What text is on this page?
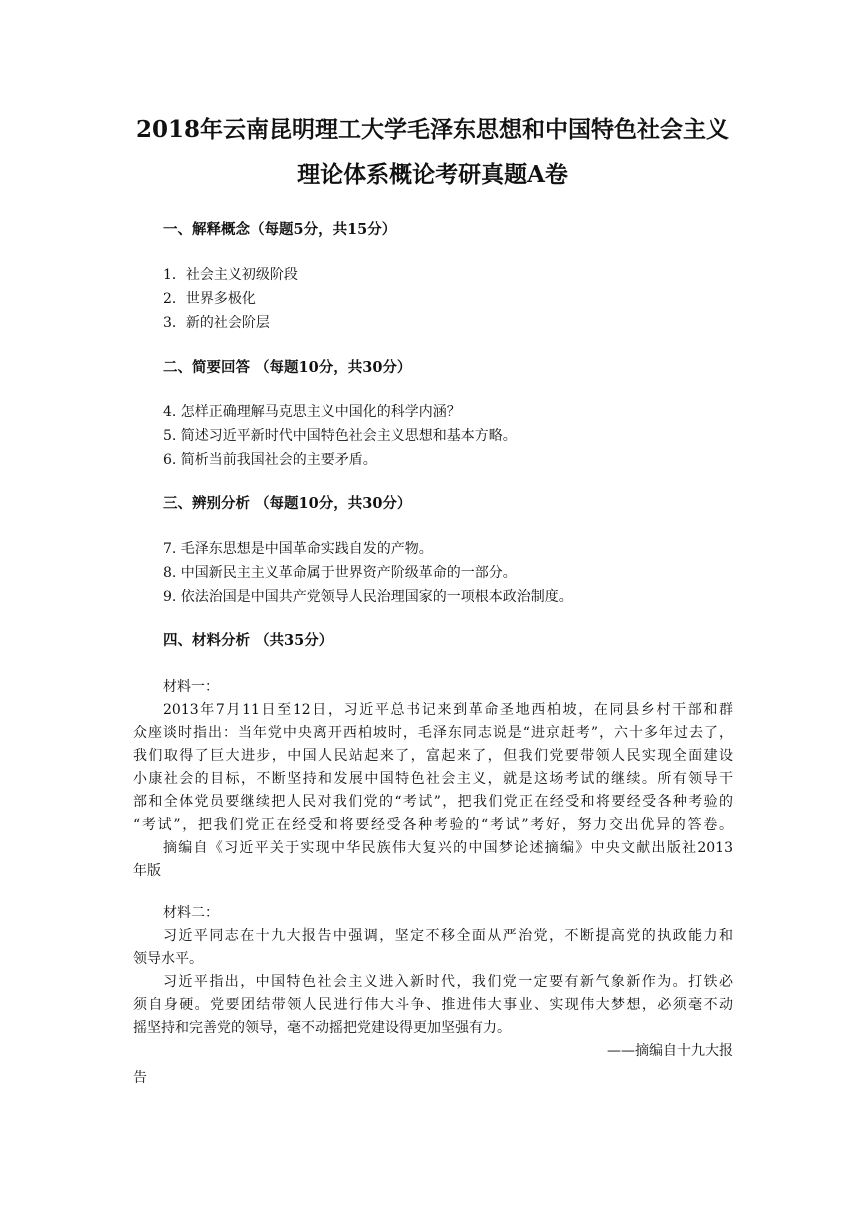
2018年云南昆明理工大学毛泽东思想和中国特色社会主义
理论体系概论考研真题A卷
一、解释概念（每题5分，共15分）
1．社会主义初级阶段
2．世界多极化
3．新的社会阶层
二、简要回答 （每题10分，共30分）
4. 怎样正确理解马克思主义中国化的科学内涵？
5. 简述习近平新时代中国特色社会主义思想和基本方略。
6. 简析当前我国社会的主要矛盾。
三、辨别分析 （每题10分，共30分）
7. 毛泽东思想是中国革命实践自发的产物。
8. 中国新民主主义革命属于世界资产阶级革命的一部分。
9. 依法治国是中国共产党领导人民治理国家的一项根本政治制度。
四、材料分析 （共35分）
材料一：
2013年7月11日至12日，习近平总书记来到革命圣地西柏坡，在同县乡村干部和群
众座谈时指出：当年党中央离开西柏坡时，毛泽东同志说是“进京赶考”，六十多年过去了，
我们取得了巨大进步，中国人民站起来了，富起来了，但我们党要带领人民实现全面建设
小康社会的目标，不断坚持和发展中国特色社会主义，就是这场考试的继续。所有领导干
部和全体党员要继续把人民对我们党的“考试”，把我们党正在经受和将要经受各种考验的
“考试”，把我们党正在经受和将要经受各种考验的“考试”考好，努力交出优异的答卷。
摘编自《习近平关于实现中华民族伟大复兴的中国梦论述摘编》中央文献出版社2013
年版
材料二：
习近平同志在十九大报告中强调，坚定不移全面从严治党，不断提高党的执政能力和
领导水平。
习近平指出，中国特色社会主义进入新时代，我们党一定要有新气象新作为。打铁必
须自身硬。党要团结带领人民进行伟大斗争、推进伟大事业、实现伟大梦想，必须毫不动
摇坚持和完善党的领导，毫不动摇把党建设得更加坚强有力。
——摘编自十九大报
告
